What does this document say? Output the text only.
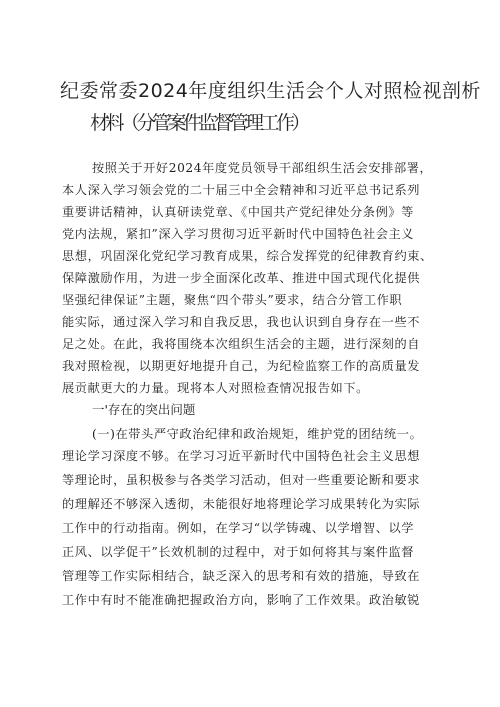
纪委常委2024年度组织生活会个人对照检视剖析
材料（分管案件监督管理工作）
按照关于开好2024年度党员领导干部组织生活会安排部署，
本人深入学习领会党的二十届三中全会精神和习近平总书记系列
重要讲话精神，认真研读党章、《中国共产党纪律处分条例》等
党内法规，紧扣”深入学习贯彻习近平新时代中国特色社会主义
思想，巩固深化党纪学习教育成果，综合发挥党的纪律教育约束、
保障激励作用，为进一步全面深化改革、推进中国式现代化提供
坚强纪律保证”主题，聚焦“四个带头”要求，结合分管工作职
能实际，通过深入学习和自我反思，我也认识到自身存在一些不
足之处。在此，我将围绕本次组织生活会的主题，进行深刻的自
我对照检视，以期更好地提升自己，为纪检监察工作的高质量发
展贡献更大的力量。现将本人对照检查情况报告如下。
一'存在的突出问题
(一)在带头严守政治纪律和政治规矩，维护党的团结统一。
理论学习深度不够。在学习习近平新时代中国特色社会主义思想
等理论时，虽积极参与各类学习活动，但对一些重要论断和要求
的理解还不够深入透彻，未能很好地将理论学习成果转化为实际
工作中的行动指南。例如，在学习“以学铸魂、以学增智、以学
正风、以学促干”长效机制的过程中，对于如何将其与案件监督
管理等工作实际相结合，缺乏深入的思考和有效的措施，导致在
工作中有时不能准确把握政治方向，影响了工作效果。政治敏锐
